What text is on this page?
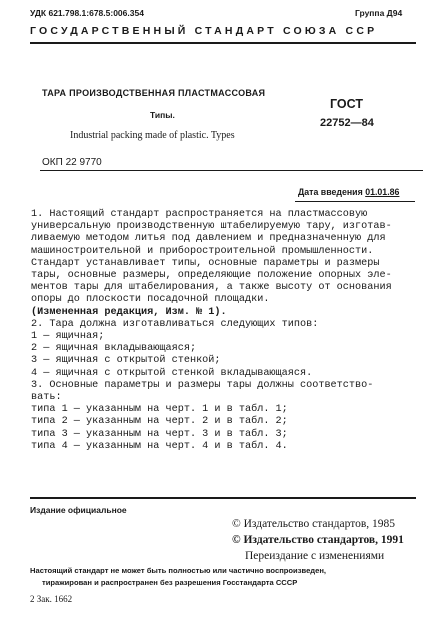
УДК 621.798.1:678.5:006.354	Группа Д94
ГОСУДАРСТВЕННЫЙ СТАНДАРТ СОЮЗА ССР
ТАРА ПРОИЗВОДСТВЕННАЯ ПЛАСТМАССОВАЯ
Типы.
Industrial packing made of plastic. Types
ГОСТ
22752—84
ОКП 22 9770
Дата введения 01.01.86
1. Настоящий стандарт распространяется на пластмассовую
универсальную производственную штабелируемую тару, изготав-
ливаемую методом литья под давлением и предназначенную для
машиностроительной и приборостроительной промышленности.
Стандарт устанавливает типы, основные параметры и размеры
тары, основные размеры, определяющие положение опорных эле-
ментов тары для штабелирования, а также высоту от основания
опоры до плоскости посадочной площадки.
(Измененная редакция, Изм. № 1).
2. Тара должна изготавливаться следующих типов:
1 — ящичная;
2 — ящичная вкладывающаяся;
3 — ящичная с открытой стенкой;
4 — ящичная с открытой стенкой вкладывающаяся.
3. Основные параметры и размеры тары должны соответство-
вать:
типа 1 — указанным на черт. 1 и в табл. 1;
типа 2 — указанным на черт. 2 и в табл. 2;
типа 3 — указанным на черт. 3 и в табл. 3;
типа 4 — указанным на черт. 4 и в табл. 4.
Издание официальное
© Издательство стандартов, 1985
© Издательство стандартов, 1991
Переиздание с изменениями
Настоящий стандарт не может быть полностью или частично воспроизведен,
тиражирован и распространен без разрешения Госстандарта СССР
2 Зак. 1662
